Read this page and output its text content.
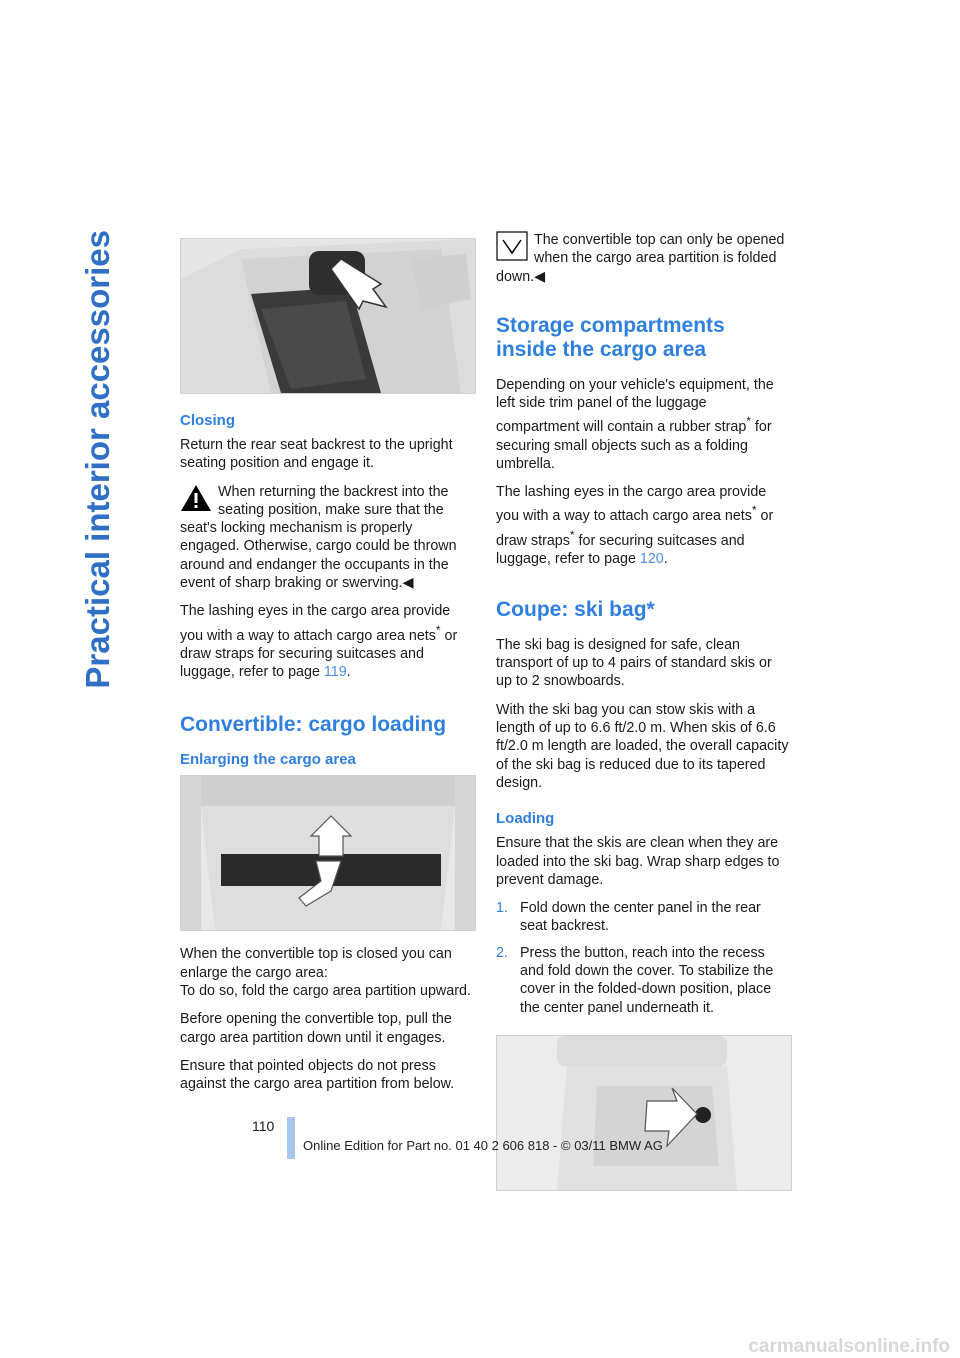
Practical interior accessories	Closing

Return the rear seat backrest to the upright seating position and engage it.

When returning the backrest into the seating position, make sure that the

seat's locking mechanism is properly engaged. Otherwise, cargo could be thrown around and endanger the occupants in the event of sharp braking or swerving.◀

The lashing eyes in the cargo area provide you with a way to attach cargo area nets* or draw straps for securing suitcases and luggage, refer to page 119.

Convertible: cargo loading
Enlarging the cargo area

When the convertible top is closed you can enlarge the cargo area:
To do so, fold the cargo area partition upward.

Before opening the convertible top, pull the cargo area partition down until it engages.

Ensure that pointed objects do not press against the cargo area partition from below.

The convertible top can only be opened when the cargo area partition is folded

down.◀

Storage compartments inside the cargo area

Depending on your vehicle's equipment, the left side trim panel of the luggage compartment will contain a rubber strap* for securing small objects such as a folding umbrella.

The lashing eyes in the cargo area provide you with a way to attach cargo area nets* or draw straps* for securing suitcases and luggage, refer to page 120.

Coupe: ski bag*

The ski bag is designed for safe, clean transport of up to 4 pairs of standard skis or up to 2 snowboards.

With the ski bag you can stow skis with a length of up to 6.6 ft/2.0 m. When skis of 6.6 ft/2.0 m length are loaded, the overall capacity of the ski bag is reduced due to its tapered design.

Loading

Ensure that the skis are clean when they are loaded into the ski bag. Wrap sharp edges to prevent damage.

1. Fold down the center panel in the rear seat backrest.
2. Press the button, reach into the recess and fold down the cover. To stabilize the cover in the folded-down position, place the center panel underneath it.
110
Online Edition for Part no. 01 40 2 606 818 - © 03/11 BMW AG
carmanualsonline.info
